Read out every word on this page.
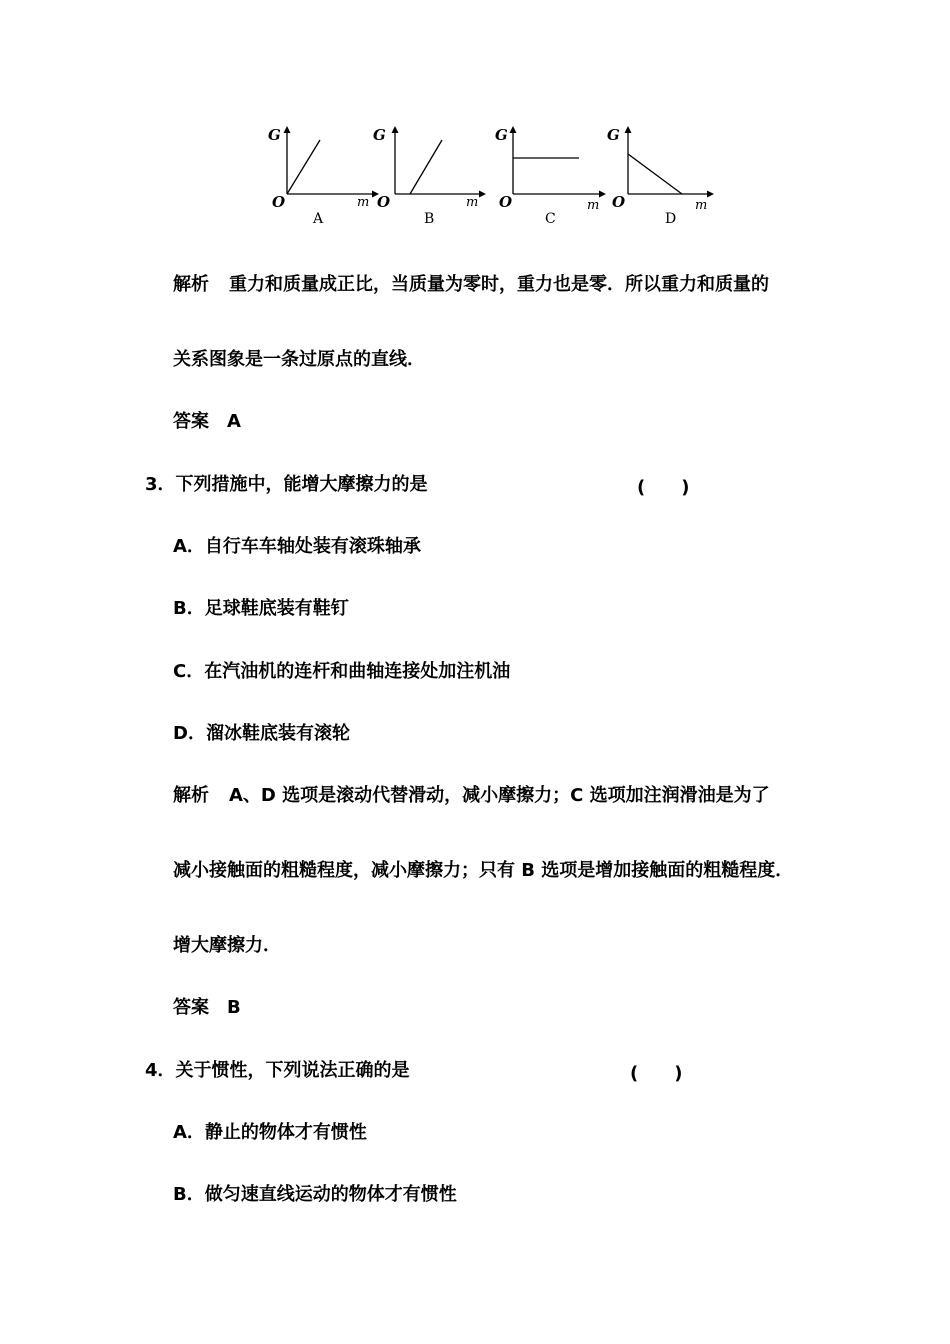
G
O	m
A
G
O	m
B
G
O	m
C
G
O	m
D
解析 重力和质量成正比，当质量为零时，重力也是零．所以重力和质量的
关系图象是一条过原点的直线．
答案 A
3．下列措施中，能增大摩擦力的是	(　　)
A．自行车车轴处装有滚珠轴承
B．足球鞋底装有鞋钉
C．在汽油机的连杆和曲轴连接处加注机油
D．溜冰鞋底装有滚轮
解析 A、D 选项是滚动代替滑动，减小摩擦力；C 选项加注润滑油是为了
减小接触面的粗糙程度，减小摩擦力；只有 B 选项是增加接触面的粗糙程度．
增大摩擦力．
答案 B
4．关于惯性，下列说法正确的是	(　　)
A．静止的物体才有惯性
B．做匀速直线运动的物体才有惯性
